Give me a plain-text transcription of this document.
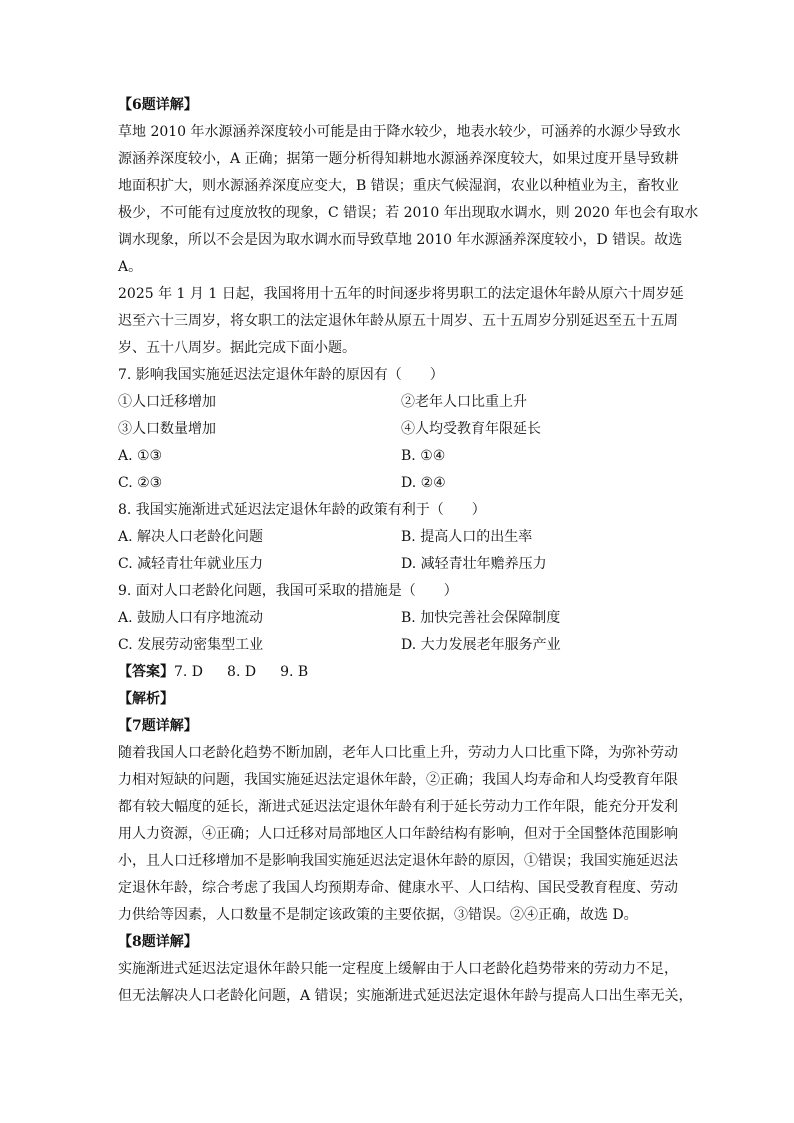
【6题详解】
草地 2010 年水源涵养深度较小可能是由于降水较少，地表水较少，可涵养的水源少导致水
源涵养深度较小，A 正确；据第一题分析得知耕地水源涵养深度较大，如果过度开垦导致耕
地面积扩大，则水源涵养深度应变大，B 错误；重庆气候湿润，农业以种植业为主，畜牧业
极少，不可能有过度放牧的现象，C 错误；若 2010 年出现取水调水，则 2020 年也会有取水
调水现象，所以不会是因为取水调水而导致草地 2010 年水源涵养深度较小，D 错误。故选
A。
2025 年 1 月 1 日起，我国将用十五年的时间逐步将男职工的法定退休年龄从原六十周岁延
迟至六十三周岁，将女职工的法定退休年龄从原五十周岁、五十五周岁分别延迟至五十五周
岁、五十八周岁。据此完成下面小题。
7. 影响我国实施延迟法定退休年龄的原因有（　　）
①人口迁移增加	②老年人口比重上升
③人口数量增加	④人均受教育年限延长
A. ①③	B. ①④
C. ②③	D. ②④
8. 我国实施渐进式延迟法定退休年龄的政策有利于（　　）
A. 解决人口老龄化问题	B. 提高人口的出生率
C. 减轻青壮年就业压力	D. 减轻青壮年赡养压力
9. 面对人口老龄化问题，我国可采取的措施是（　　）
A. 鼓励人口有序地流动	B. 加快完善社会保障制度
C. 发展劳动密集型工业	D. 大力发展老年服务产业
【答案】7. D 8. D 9. B
【解析】
【7题详解】
随着我国人口老龄化趋势不断加剧，老年人口比重上升，劳动力人口比重下降，为弥补劳动
力相对短缺的问题，我国实施延迟法定退休年龄，②正确；我国人均寿命和人均受教育年限
都有较大幅度的延长，渐进式延迟法定退休年龄有利于延长劳动力工作年限，能充分开发利
用人力资源，④正确；人口迁移对局部地区人口年龄结构有影响，但对于全国整体范围影响
小，且人口迁移增加不是影响我国实施延迟法定退休年龄的原因，①错误；我国实施延迟法
定退休年龄，综合考虑了我国人均预期寿命、健康水平、人口结构、国民受教育程度、劳动
力供给等因素，人口数量不是制定该政策的主要依据，③错误。②④正确，故选 D。
【8题详解】
实施渐进式延迟法定退休年龄只能一定程度上缓解由于人口老龄化趋势带来的劳动力不足，
但无法解决人口老龄化问题，A 错误；实施渐进式延迟法定退休年龄与提高人口出生率无关，
